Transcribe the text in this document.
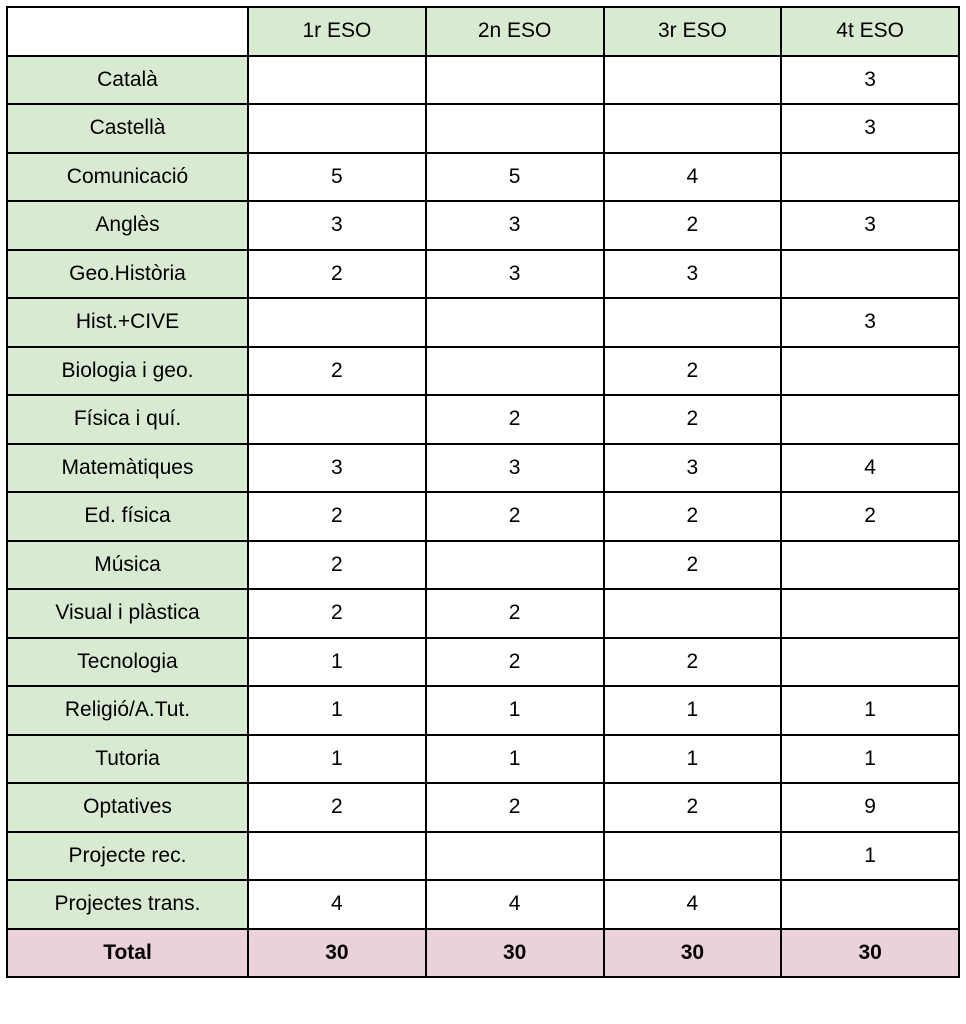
	1r ESO	2n ESO	3r ESO	4t ESO
Català				3
Castellà				3
Comunicació	5	5	4	
Anglès	3	3	2	3
Geo.Història	2	3	3	
Hist.+CIVE				3
Biologia i geo.	2		2	
Física i quí.		2	2	
Matemàtiques	3	3	3	4
Ed. física	2	2	2	2
Música	2		2	
Visual i plàstica	2	2		
Tecnologia	1	2	2	
Religió/A.Tut.	1	1	1	1
Tutoria	1	1	1	1
Optatives	2	2	2	9
Projecte rec.				1
Projectes trans.	4	4	4	
Total	30	30	30	30
